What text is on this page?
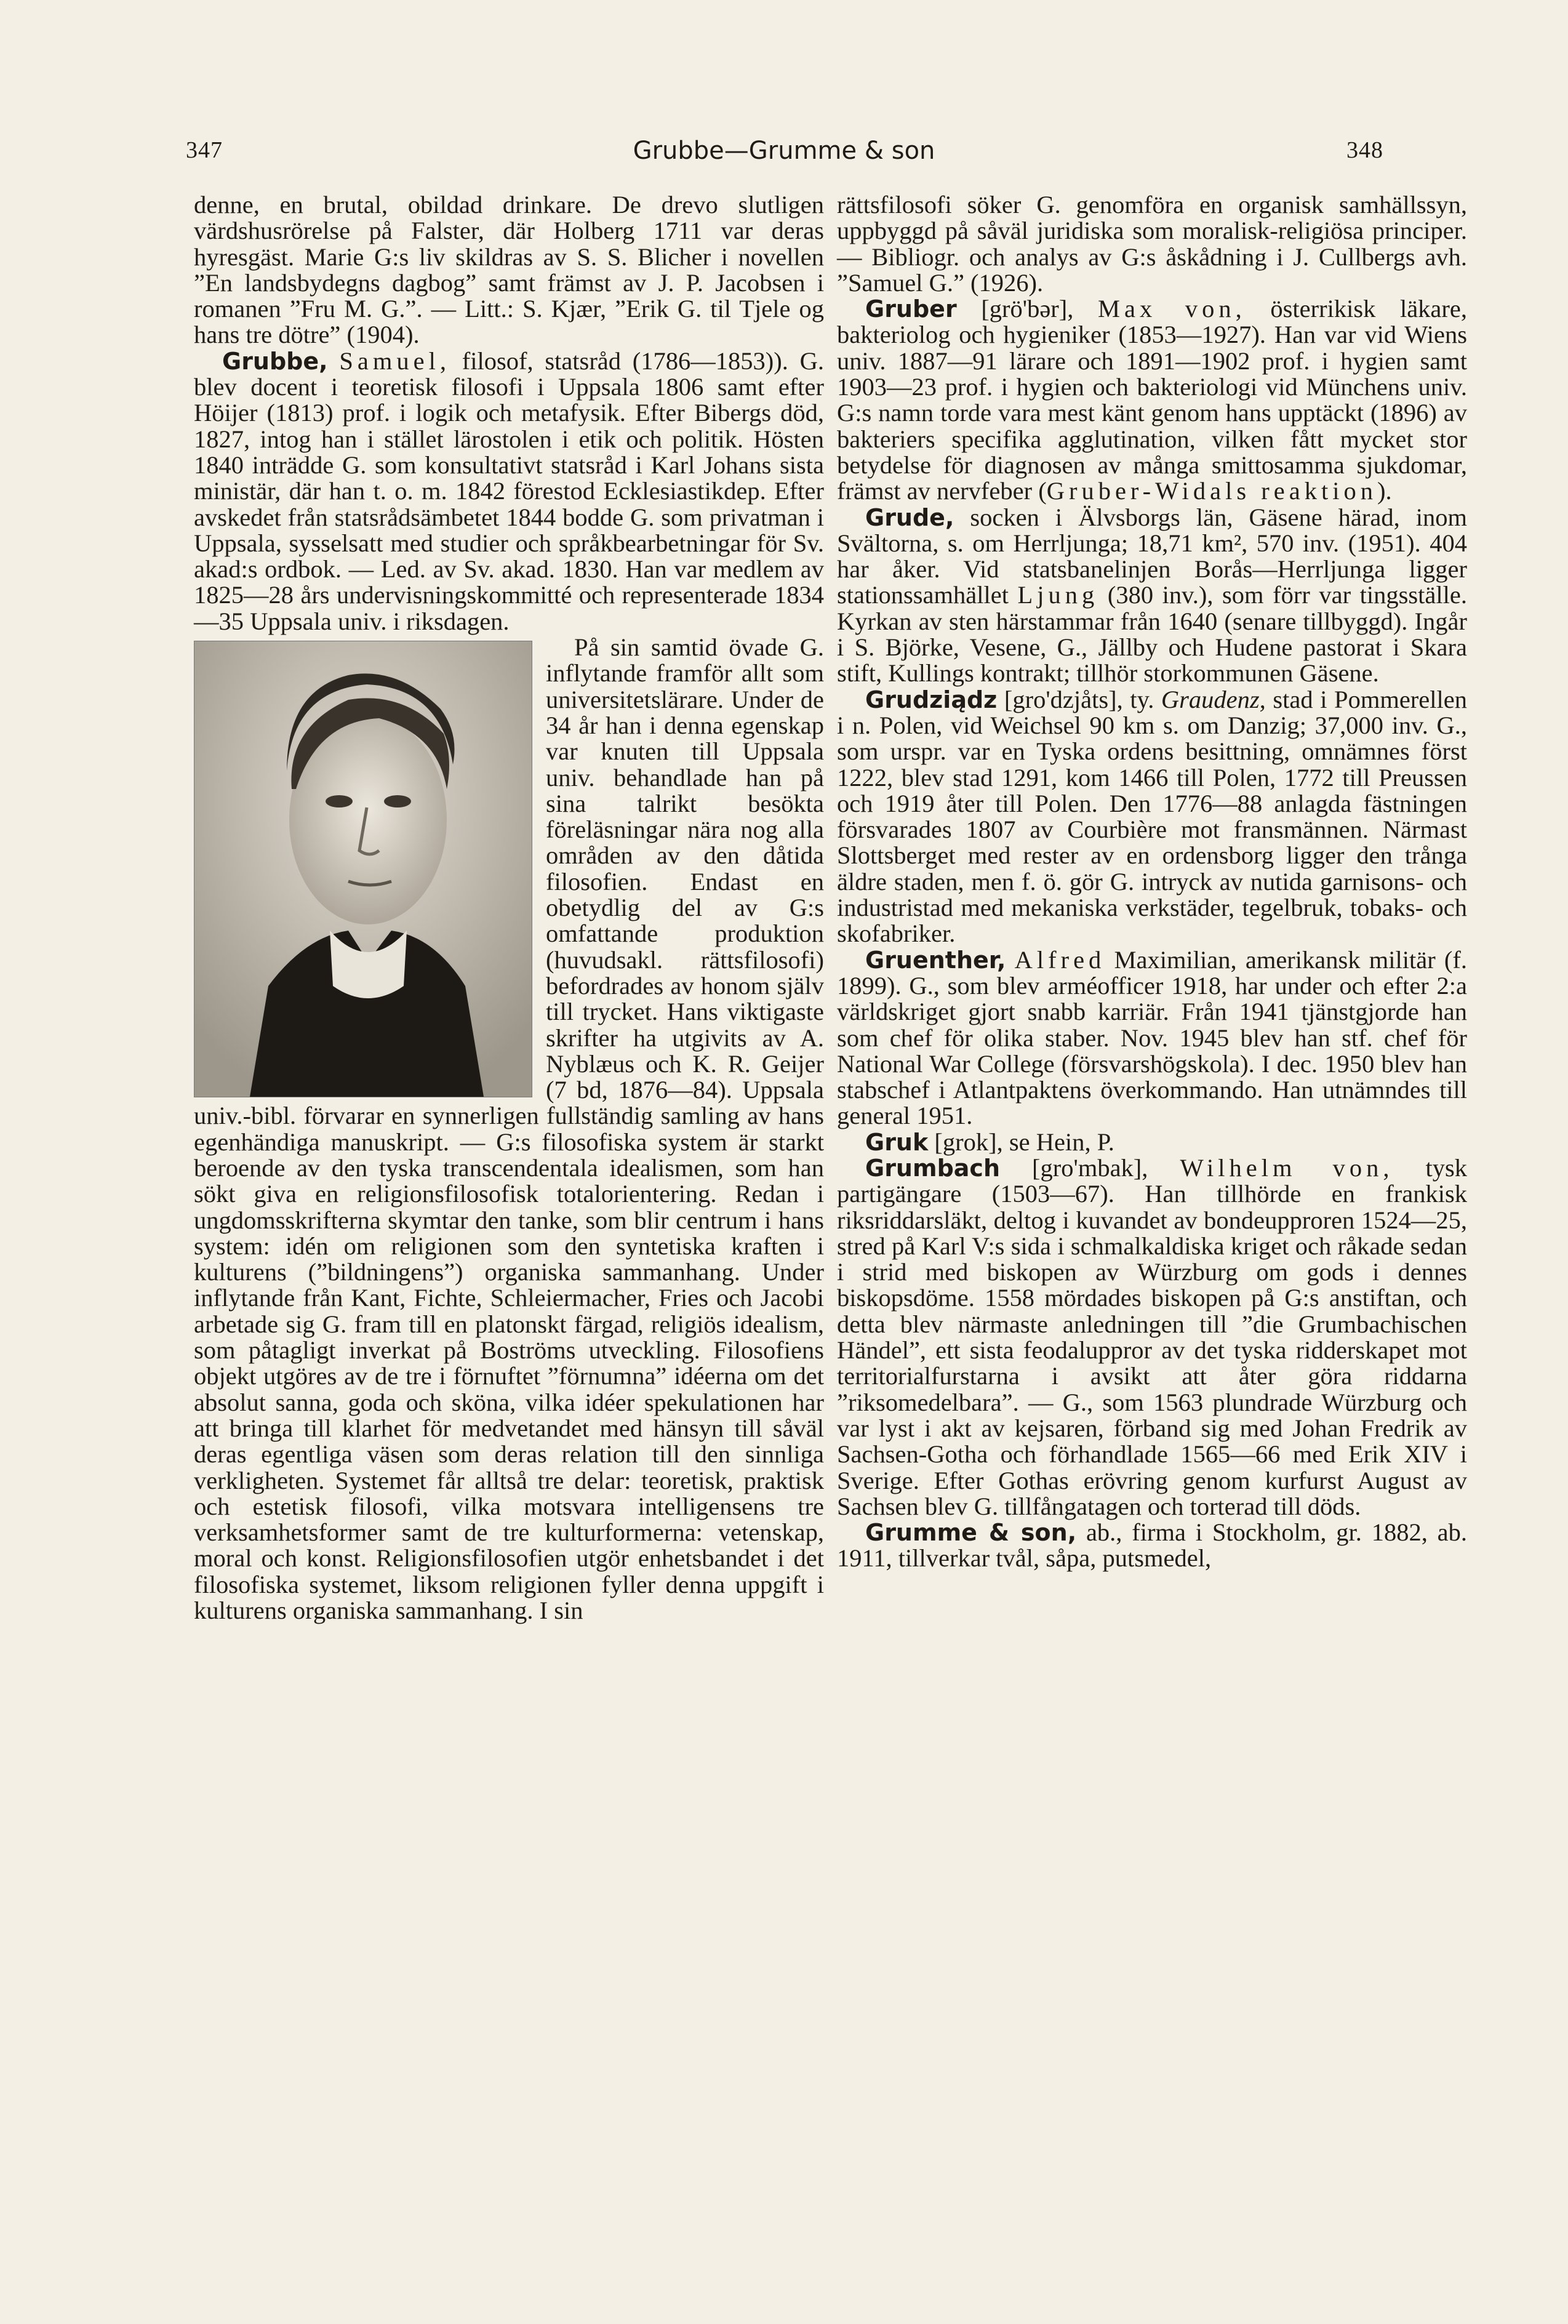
347	Grubbe—Grumme & son	348

denne, en brutal, obildad drinkare. De drevo slutligen värdshusrörelse på Falster, där Holberg 1711 var deras hyresgäst. Marie G:s liv skildras av S. S. Blicher i novellen ”En landsbydegns dagbog” samt främst av J. P. Jacobsen i romanen ”Fru M. G.”. — Litt.: S. Kjær, ”Erik G. til Tjele og hans tre dötre” (1904).

Grubbe, Samuel, filosof, statsråd (1786—1853)). G. blev docent i teoretisk filosofi i Uppsala 1806 samt efter Höijer (1813) prof. i logik och metafysik. Efter Bibergs död, 1827, intog han i stället lärostolen i etik och politik. Hösten 1840 inträdde G. som konsultativt statsråd i Karl Johans sista ministär, där han t. o. m. 1842 förestod Ecklesiastikdep. Efter avskedet från statsrådsämbetet 1844 bodde G. som privatman i Uppsala, sysselsatt med studier och språkbearbetningar för Sv. akad:s ordbok. — Led. av Sv. akad. 1830. Han var medlem av 1825—28 års undervisningskommitté och representerade 1834—35 Uppsala univ. i riksdagen.

På sin samtid övade G. inflytande framför allt som universitetslärare. Under de 34 år han i denna egenskap var knuten till Uppsala univ. behandlade han på sina talrikt besökta föreläsningar nära nog alla områden av den dåtida filosofien. Endast en obetydlig del av G:s omfattande produktion (huvudsakl. rättsfilosofi) befordrades av honom själv till trycket. Hans viktigaste skrifter ha utgivits av A. Nyblæus och K. R. Geijer (7 bd, 1876—84). Uppsala univ.-bibl. förvarar en synnerligen fullständig samling av hans egenhändiga manuskript. — G:s filosofiska system är starkt beroende av den tyska transcendentala idealismen, som han sökt giva en religionsfilosofisk totalorientering. Redan i ungdomsskrifterna skymtar den tanke, som blir centrum i hans system: idén om religionen som den syntetiska kraften i kulturens (”bildningens”) organiska sammanhang. Under inflytande från Kant, Fichte, Schleiermacher, Fries och Jacobi arbetade sig G. fram till en platonskt färgad, religiös idealism, som påtagligt inverkat på Boströms utveckling. Filosofiens objekt utgöres av de tre i förnuftet ”förnumna” idéerna om det absolut sanna, goda och sköna, vilka idéer spekulationen har att bringa till klarhet för medvetandet med hänsyn till såväl deras egentliga väsen som deras relation till den sinnliga verkligheten. Systemet får alltså tre delar: teoretisk, praktisk och estetisk filosofi, vilka motsvara intelligensens tre verksamhetsformer samt de tre kulturformerna: vetenskap, moral och konst. Religionsfilosofien utgör enhetsbandet i det filosofiska systemet, liksom religionen fyller denna uppgift i kulturens organiska sammanhang. I sin

rättsfilosofi söker G. genomföra en organisk samhällssyn, uppbyggd på såväl juridiska som moralisk-religiösa principer. — Bibliogr. och analys av G:s åskådning i J. Cullbergs avh. ”Samuel G.” (1926).

Gruber [grö'bər], Max von, österrikisk läkare, bakteriolog och hygieniker (1853—1927). Han var vid Wiens univ. 1887—91 lärare och 1891—1902 prof. i hygien samt 1903—23 prof. i hygien och bakteriologi vid Münchens univ. G:s namn torde vara mest känt genom hans upptäckt (1896) av bakteriers specifika agglutination, vilken fått mycket stor betydelse för diagnosen av många smittosamma sjukdomar, främst av nervfeber (Gruber-Widals reaktion).

Grude, socken i Älvsborgs län, Gäsene härad, inom Svältorna, s. om Herrljunga; 18,71 km², 570 inv. (1951). 404 har åker. Vid statsbanelinjen Borås—Herrljunga ligger stationssamhället Ljung (380 inv.), som förr var tingsställe. Kyrkan av sten härstammar från 1640 (senare tillbyggd). Ingår i S. Björke, Vesene, G., Jällby och Hudene pastorat i Skara stift, Kullings kontrakt; tillhör storkommunen Gäsene.

Grudziądz [gro'dzjåts], ty. Graudenz, stad i Pommerellen i n. Polen, vid Weichsel 90 km s. om Danzig; 37,000 inv. G., som urspr. var en Tyska ordens besittning, omnämnes först 1222, blev stad 1291, kom 1466 till Polen, 1772 till Preussen och 1919 åter till Polen. Den 1776—88 anlagda fästningen försvarades 1807 av Courbière mot fransmännen. Närmast Slottsberget med rester av en ordensborg ligger den trånga äldre staden, men f. ö. gör G. intryck av nutida garnisons- och industristad med mekaniska verkstäder, tegelbruk, tobaks- och skofabriker.

Gruenther, Alfred Maximilian, amerikansk militär (f. 1899). G., som blev arméofficer 1918, har under och efter 2:a världskriget gjort snabb karriär. Från 1941 tjänstgjorde han som chef för olika staber. Nov. 1945 blev han stf. chef för National War College (försvarshögskola). I dec. 1950 blev han stabschef i Atlantpaktens överkommando. Han utnämndes till general 1951.

Gruk [grok], se Hein, P.

Grumbach [gro'mbak], Wilhelm von, tysk partigängare (1503—67). Han tillhörde en frankisk riksriddarsläkt, deltog i kuvandet av bondeupproren 1524—25, stred på Karl V:s sida i schmalkaldiska kriget och råkade sedan i strid med biskopen av Würzburg om gods i dennes biskopsdöme. 1558 mördades biskopen på G:s anstiftan, och detta blev närmaste anledningen till ”die Grumbachischen Händel”, ett sista feodaluppror av det tyska ridderskapet mot territorialfurstarna i avsikt att åter göra riddarna ”riksomedelbara”. — G., som 1563 plundrade Würzburg och var lyst i akt av kejsaren, förband sig med Johan Fredrik av Sachsen-Gotha och förhandlade 1565—66 med Erik XIV i Sverige. Efter Gothas erövring genom kurfurst August av Sachsen blev G. tillfångatagen och torterad till döds.

Grumme & son, ab., firma i Stockholm, gr. 1882, ab. 1911, tillverkar tvål, såpa, putsmedel,
